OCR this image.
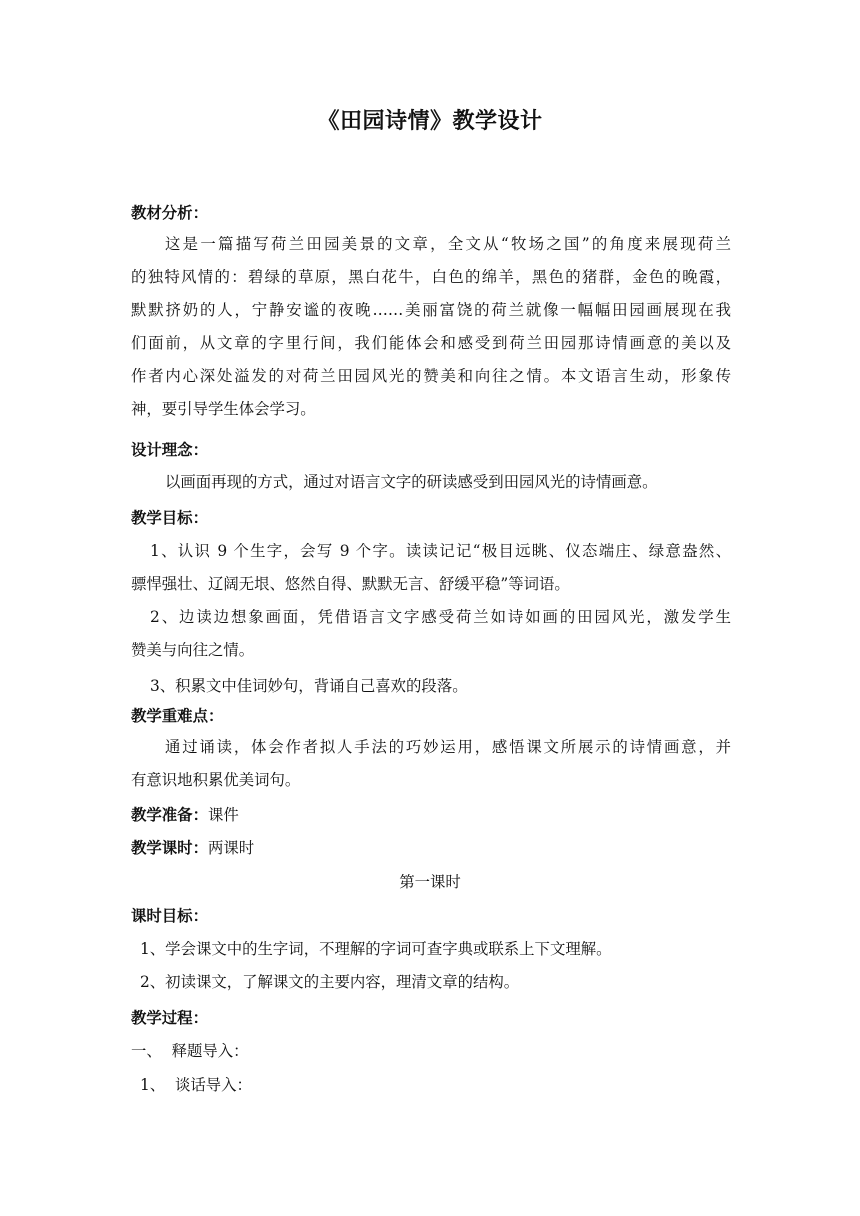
《田园诗情》教学设计
教材分析：
这是一篇描写荷兰田园美景的文章，全文从“牧场之国”的角度来展现荷兰
的独特风情的：碧绿的草原，黑白花牛，白色的绵羊，黑色的猪群，金色的晚霞，
默默挤奶的人，宁静安谧的夜晚……美丽富饶的荷兰就像一幅幅田园画展现在我
们面前，从文章的字里行间，我们能体会和感受到荷兰田园那诗情画意的美以及
作者内心深处溢发的对荷兰田园风光的赞美和向往之情。本文语言生动，形象传
神，要引导学生体会学习。
设计理念：
以画面再现的方式，通过对语言文字的研读感受到田园风光的诗情画意。
教学目标：
1、认识 9 个生字，会写 9 个字。读读记记“极目远眺、仪态端庄、绿意盎然、
骠悍强壮、辽阔无垠、悠然自得、默默无言、舒缓平稳”等词语。
2、边读边想象画面，凭借语言文字感受荷兰如诗如画的田园风光，激发学生
赞美与向往之情。
3、积累文中佳词妙句，背诵自己喜欢的段落。
教学重难点：
通过诵读，体会作者拟人手法的巧妙运用，感悟课文所展示的诗情画意，并
有意识地积累优美词句。
教学准备：课件
教学课时：两课时
第一课时
课时目标：
1、学会课文中的生字词，不理解的字词可查字典或联系上下文理解。
2、初读课文，了解课文的主要内容，理清文章的结构。
教学过程：
一、  释题导入：
1、  谈话导入：
